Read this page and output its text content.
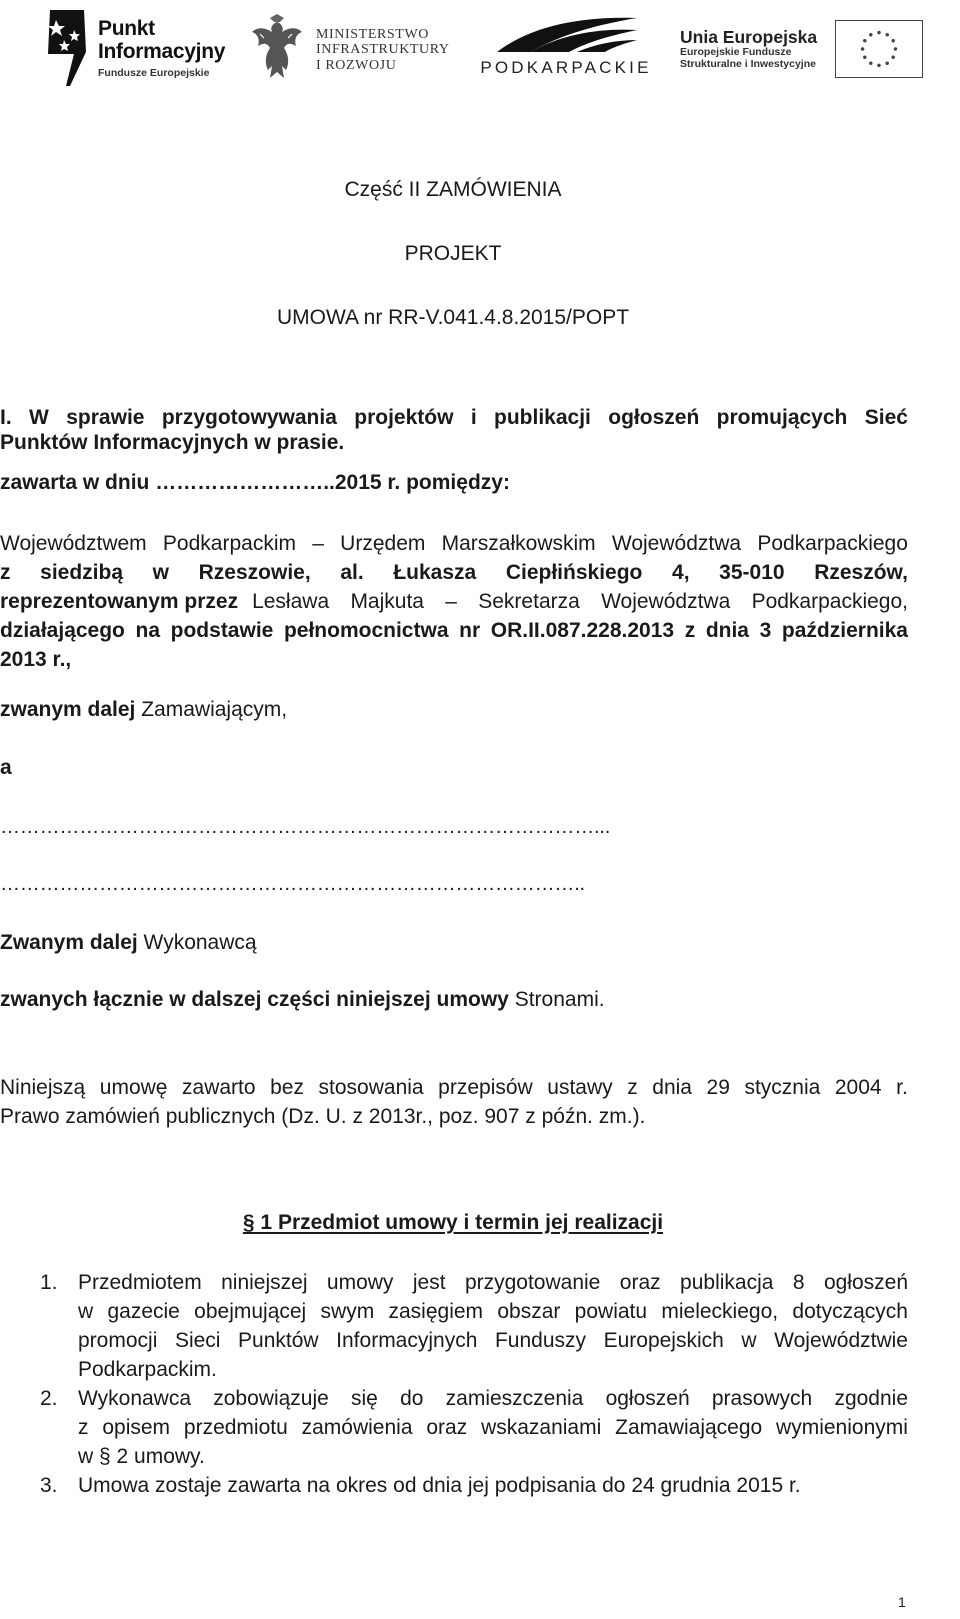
Punkt
Informacyjny
Fundusze Europejskie
MINISTERSTWO
INFRASTRUKTURY
I ROZWOJU	PODKARPACKIE
Unia Europejska
Europejskie Fundusze
Strukturalne i Inwestycyjne
Część II ZAMÓWIENIA
PROJEKT
UMOWA nr RR-V.041.4.8.2015/POPT
I. W sprawie przygotowywania projektów i publikacji ogłoszeń promujących Sieć
Punktów Informacyjnych w prasie.
zawarta w dniu ……………………..2015 r. pomiędzy:
Województwem Podkarpackim – Urzędem Marszałkowskim Województwa Podkarpackiego
z siedzibą w Rzeszowie, al. Łukasza Ciepłińskiego 4, 35-010 Rzeszów,
reprezentowanym przez Lesława Majkuta – Sekretarza Województwa Podkarpackiego,
działającego na podstawie pełnomocnictwa nr OR.II.087.228.2013 z dnia 3 października
2013 r.,
zwanym dalej Zamawiającym,
a
………………………………………………………………………………...
……………………………………………………………………………..
Zwanym dalej Wykonawcą
zwanych łącznie w dalszej części niniejszej umowy Stronami.
Niniejszą umowę zawarto bez stosowania przepisów ustawy z dnia 29 stycznia 2004 r.
Prawo zamówień publicznych (Dz. U. z 2013r., poz. 907 z późn. zm.).
§ 1 Przedmiot umowy i termin jej realizacji
1. Przedmiotem niniejszej umowy jest przygotowanie oraz publikacja 8 ogłoszeń
w gazecie obejmującej swym zasięgiem obszar powiatu mieleckiego, dotyczących
promocji Sieci Punktów Informacyjnych Funduszy Europejskich w Województwie
Podkarpackim.
2. Wykonawca zobowiązuje się do zamieszczenia ogłoszeń prasowych zgodnie
z opisem przedmiotu zamówienia oraz wskazaniami Zamawiającego wymienionymi
w § 2 umowy.
3. Umowa zostaje zawarta na okres od dnia jej podpisania do 24 grudnia 2015 r.
1
